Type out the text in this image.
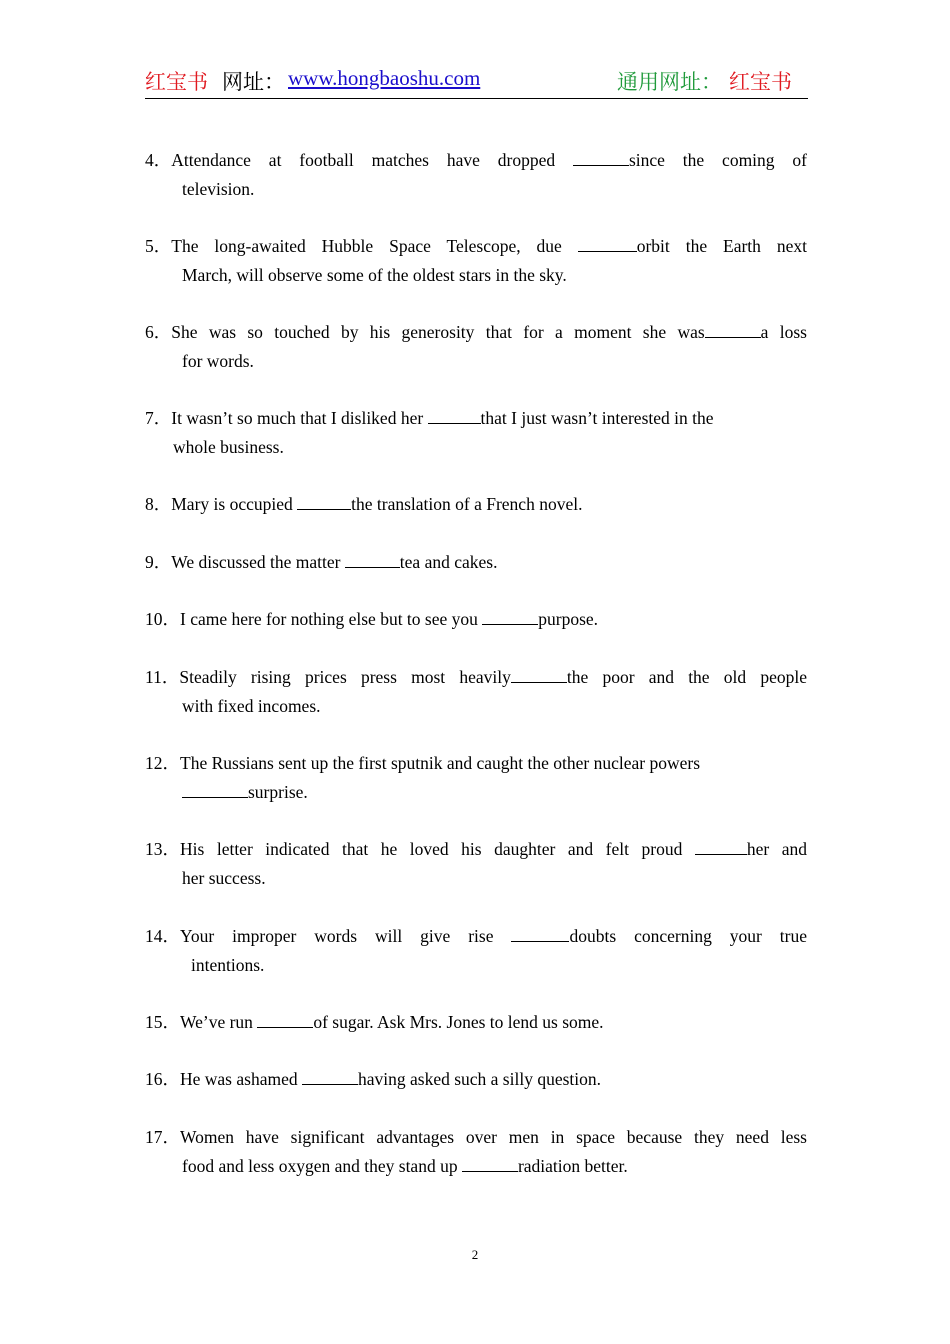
红宝书 网址： www.hongbaoshu.com	通用网址： 红宝书
4．Attendance at football matches have dropped	since the coming of
television.
5．The long-awaited Hubble Space Telescope, due	orbit the Earth next
March, will observe some of the oldest stars in the sky.
6．She was so touched by his generosity that for a moment she was	a loss
for words.
7．It wasn’t so much that I disliked her	that I just wasn’t interested in the
whole business.
8．Mary is occupied	the translation of a French novel.
9．We discussed the matter	tea and cakes.
10．I came here for nothing else but to see you	purpose.
11．Steadily rising prices press most heavily	the poor and the old people
with fixed incomes.
12．The Russians sent up the first sputnik and caught the other nuclear powers
surprise.
13．His letter indicated that he loved his daughter and felt proud	her and
her success.
14．Your improper words will give rise	doubts concerning your true
intentions.
15．We’ve run	of sugar. Ask Mrs. Jones to lend us some.
16．He was ashamed	having asked such a silly question.
17．Women have significant advantages over men in space because they need less
food and less oxygen and they stand up	radiation better.
2
